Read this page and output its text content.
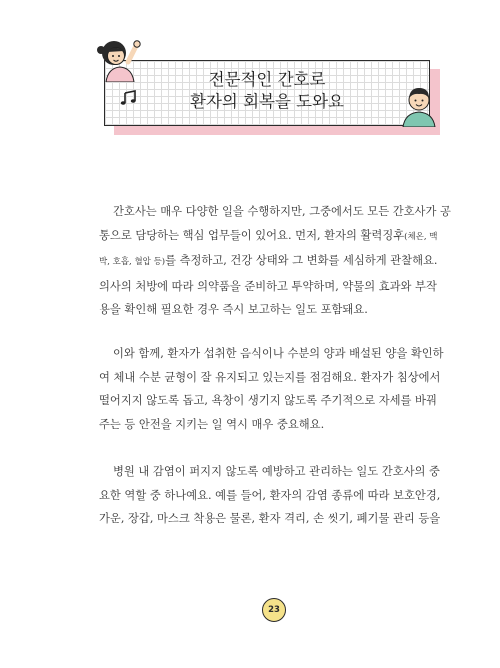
전문적인 간호로
환자의 회복을 도와요
간호사는 매우 다양한 일을 수행하지만, 그중에서도 모든 간호사가 공
통으로 담당하는 핵심 업무들이 있어요. 먼저, 환자의 활력징후(체온, 맥
박, 호흡, 혈압 등)를 측정하고, 건강 상태와 그 변화를 세심하게 관찰해요.
의사의 처방에 따라 의약품을 준비하고 투약하며, 약물의 효과와 부작
용을 확인해 필요한 경우 즉시 보고하는 일도 포함돼요.
이와 함께, 환자가 섭취한 음식이나 수분의 양과 배설된 양을 확인하
여 체내 수분 균형이 잘 유지되고 있는지를 점검해요. 환자가 침상에서
떨어지지 않도록 돕고, 욕창이 생기지 않도록 주기적으로 자세를 바꿔
주는 등 안전을 지키는 일 역시 매우 중요해요.
병원 내 감염이 퍼지지 않도록 예방하고 관리하는 일도 간호사의 중
요한 역할 중 하나예요. 예를 들어, 환자의 감염 종류에 따라 보호안경,
가운, 장갑, 마스크 착용은 물론, 환자 격리, 손 씻기, 폐기물 관리 등을
23
